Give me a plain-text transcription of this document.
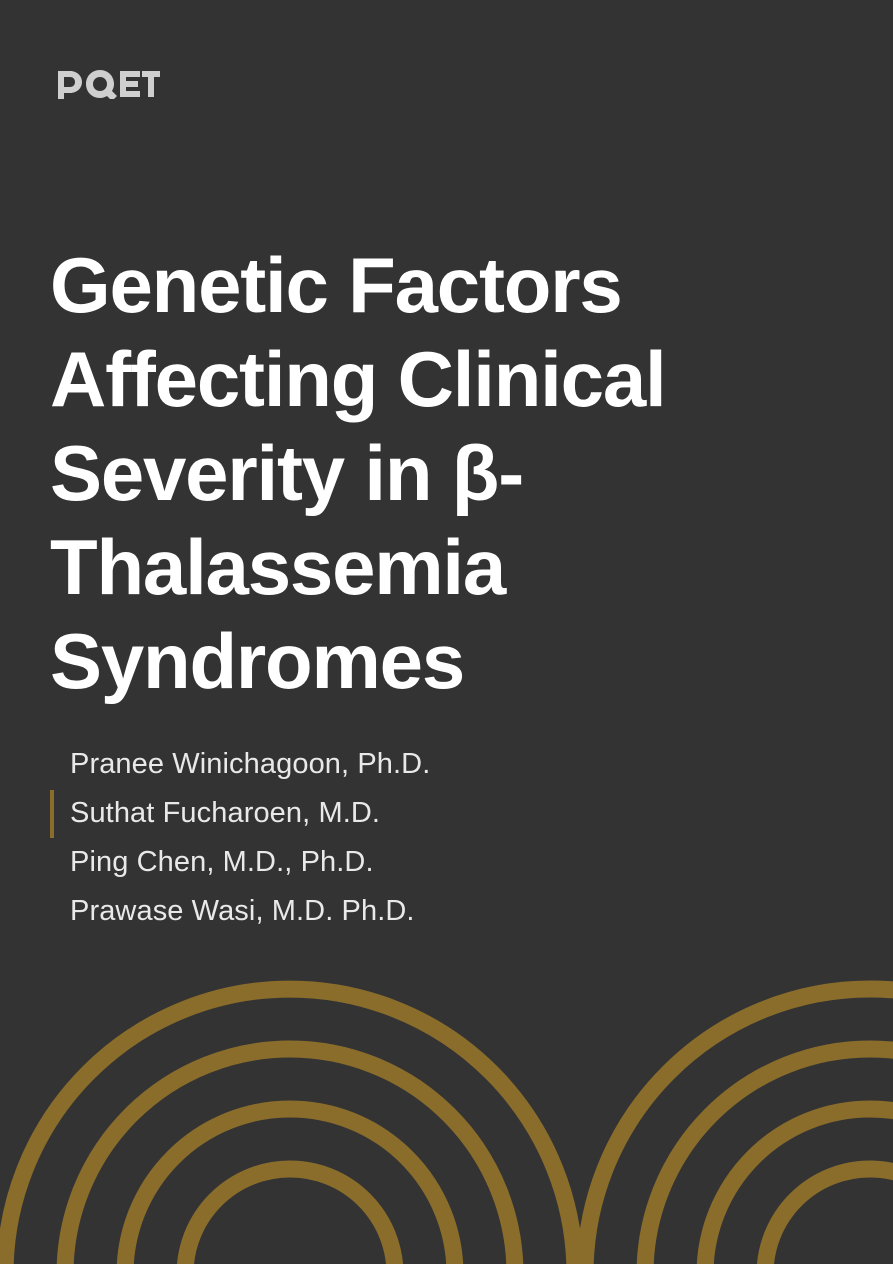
Genetic Factors Affecting Clinical Severity in β-Thalassemia Syndromes
Pranee Winichagoon, Ph.D.
Suthat Fucharoen, M.D.
Ping Chen, M.D., Ph.D.
Prawase Wasi, M.D. Ph.D.
